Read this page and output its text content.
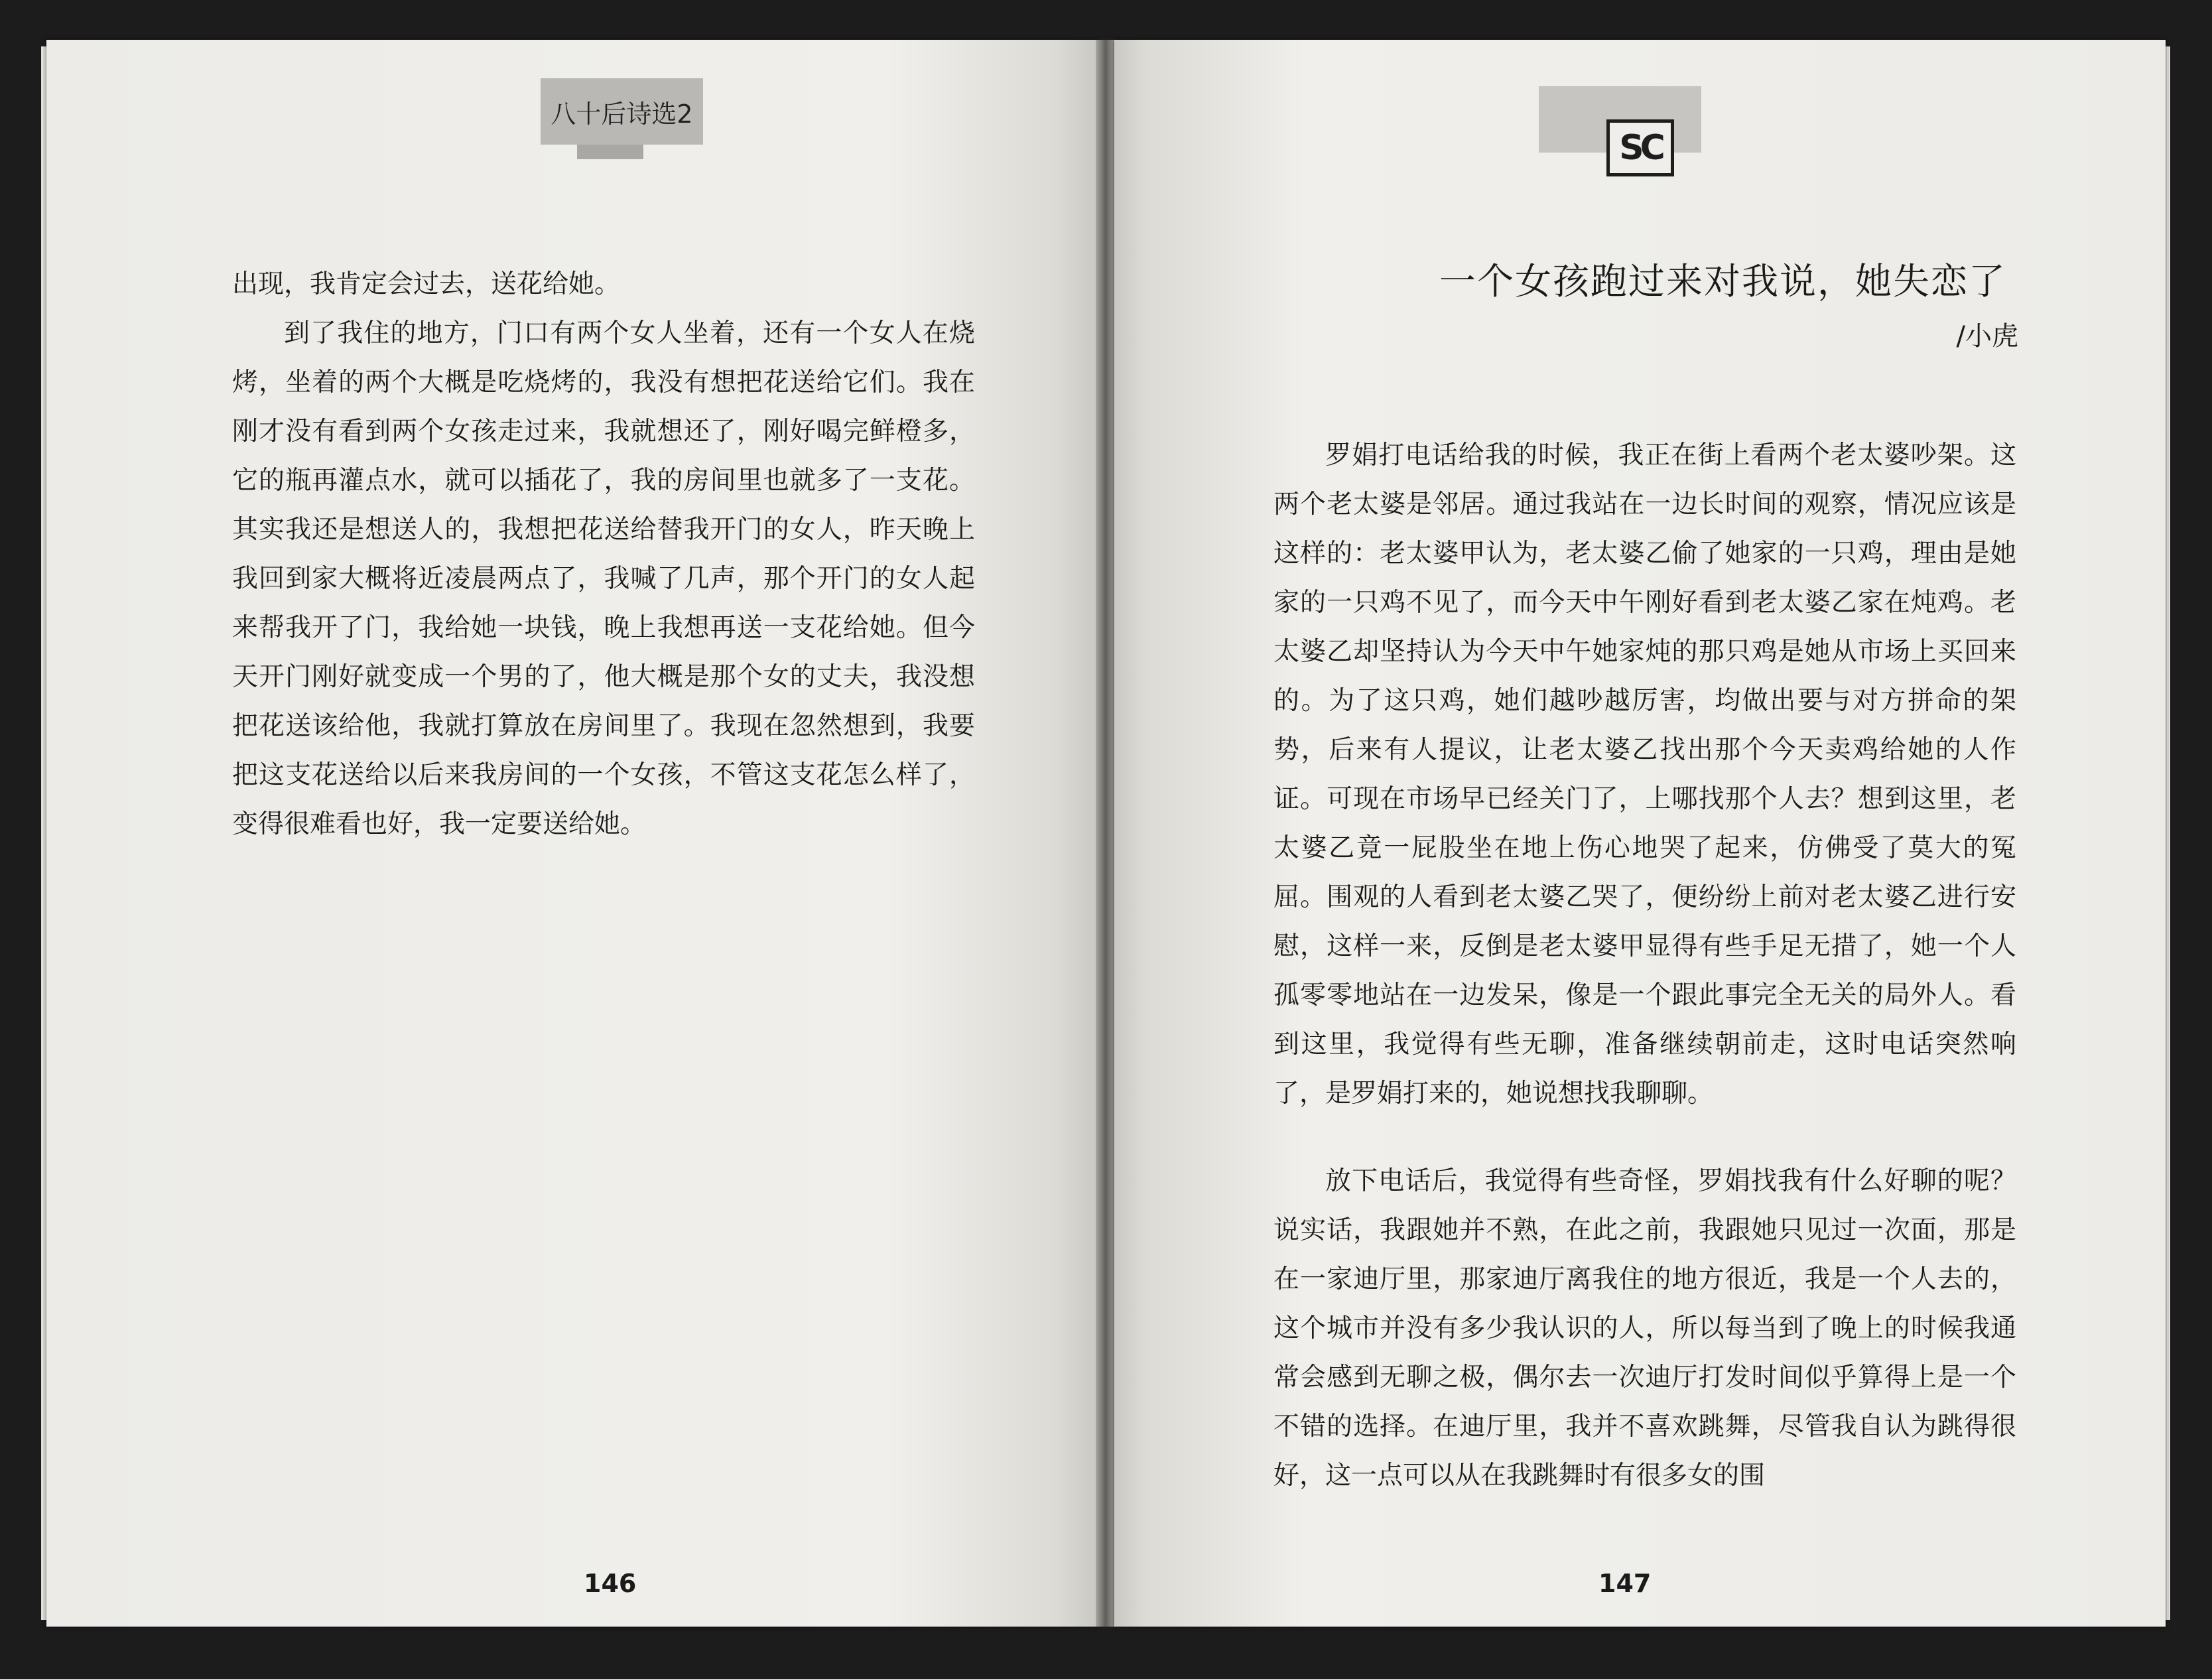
八十后诗选2

出现，我肯定会过去，送花给她。

到了我住的地方，门口有两个女人坐着，还有一个女人在烧烤，坐着的两个大概是吃烧烤的，我没有想把花送给它们。我在刚才没有看到两个女孩走过来，我就想还了，刚好喝完鲜橙多，它的瓶再灌点水，就可以插花了，我的房间里也就多了一支花。其实我还是想送人的，我想把花送给替我开门的女人，昨天晚上我回到家大概将近凌晨两点了，我喊了几声，那个开门的女人起来帮我开了门，我给她一块钱，晚上我想再送一支花给她。但今天开门刚好就变成一个男的了，他大概是那个女的丈夫，我没想把花送该给他，我就打算放在房间里了。我现在忽然想到，我要把这支花送给以后来我房间的一个女孩，不管这支花怎么样了，变得很难看也好，我一定要送给她。

146
SC
一个女孩跑过来对我说，她失恋了
/小虎

罗娟打电话给我的时候，我正在街上看两个老太婆吵架。这两个老太婆是邻居。通过我站在一边长时间的观察，情况应该是这样的：老太婆甲认为，老太婆乙偷了她家的一只鸡，理由是她家的一只鸡不见了，而今天中午刚好看到老太婆乙家在炖鸡。老太婆乙却坚持认为今天中午她家炖的那只鸡是她从市场上买回来的。为了这只鸡，她们越吵越厉害，均做出要与对方拼命的架势，后来有人提议，让老太婆乙找出那个今天卖鸡给她的人作证。可现在市场早已经关门了，上哪找那个人去？想到这里，老太婆乙竟一屁股坐在地上伤心地哭了起来，仿佛受了莫大的冤屈。围观的人看到老太婆乙哭了，便纷纷上前对老太婆乙进行安慰，这样一来，反倒是老太婆甲显得有些手足无措了，她一个人孤零零地站在一边发呆，像是一个跟此事完全无关的局外人。看到这里，我觉得有些无聊，准备继续朝前走，这时电话突然响了，是罗娟打来的，她说想找我聊聊。

放下电话后，我觉得有些奇怪，罗娟找我有什么好聊的呢？说实话，我跟她并不熟，在此之前，我跟她只见过一次面，那是在一家迪厅里，那家迪厅离我住的地方很近，我是一个人去的，这个城市并没有多少我认识的人，所以每当到了晚上的时候我通常会感到无聊之极，偶尔去一次迪厅打发时间似乎算得上是一个不错的选择。在迪厅里，我并不喜欢跳舞，尽管我自认为跳得很好，这一点可以从在我跳舞时有很多女的围

147
